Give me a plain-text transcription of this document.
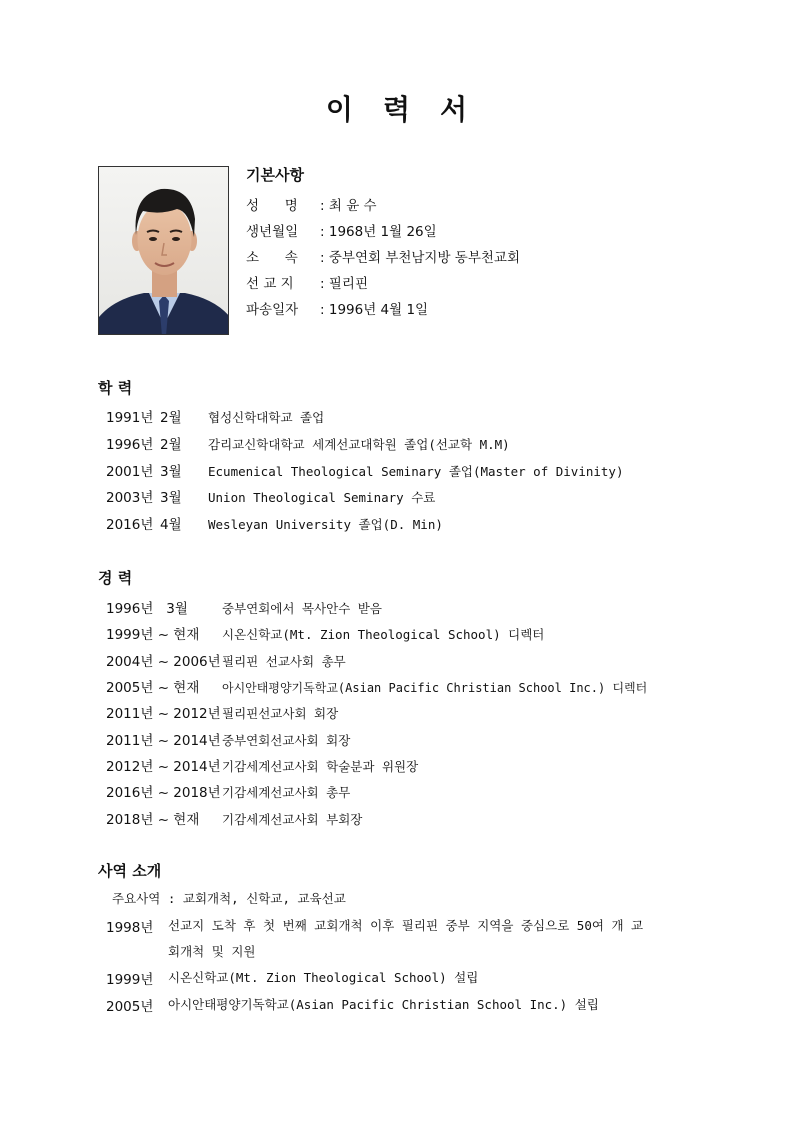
이 력 서
기본사항
성      명 : 최 윤 수
생년월일 : 1968년 1월 26일
소      속 : 중부연회 부천남지방 동부천교회
선 교 지 : 필리핀
파송일자 : 1996년 4월 1일
학 력
1991년 2월 협성신학대학교 졸업
1996년 2월 감리교신학대학교 세계선교대학원 졸업(선교학 M.M)
2001년 3월 Ecumenical Theological Seminary 졸업(Master of Divinity)
2003년 3월 Union Theological Seminary 수료
2016년 4월 Wesleyan University 졸업(D. Min)
경 력
1996년   3월	중부연회에서 목사안수 받음
1999년 ~ 현재 시온신학교(Mt. Zion Theological School) 디렉터
2004년 ~ 2006년필리핀 선교사회 총무
2005년 ~ 현재 아시안태평양기독학교(Asian Pacific Christian School Inc.) 디렉터
2011년 ~ 2012년필리핀선교사회 회장
2011년 ~ 2014년중부연회선교사회 회장
2012년 ~ 2014년기감세계선교사회 학술분과 위원장
2016년 ~ 2018년기감세계선교사회 총무
2018년 ~ 현재 기감세계선교사회 부회장
사역 소개
주요사역 : 교회개척, 신학교, 교육선교
1998년 선교지 도착 후 첫 번째 교회개척 이후 필리핀 중부 지역을 중심으로 50여 개 교
회개척 및 지원
1999년 시온신학교(Mt. Zion Theological School) 설립
2005년 아시안태평양기독학교(Asian Pacific Christian School Inc.) 설립
